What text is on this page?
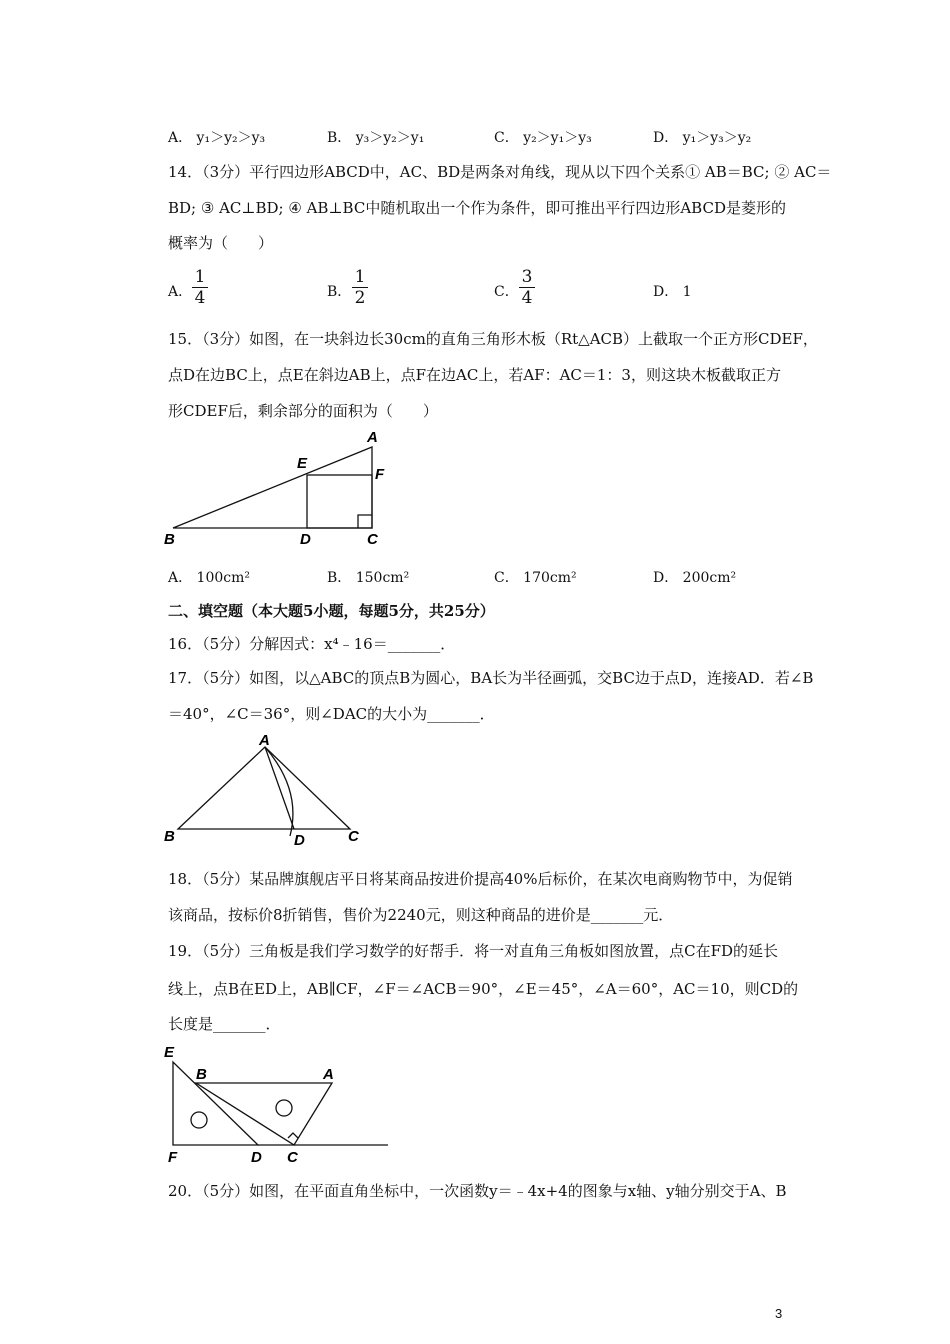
A． y₁＞y₂＞y₃	B． y₃＞y₂＞y₁	C． y₂＞y₁＞y₃	D． y₁＞y₃＞y₂
14．（3分）平行四边形ABCD中，AC、BD是两条对角线，现从以下四个关系① AB＝BC; ② AC＝
BD; ③ AC⊥BD; ④ AB⊥BC中随机取出一个作为条件，即可推出平行四边形ABCD是菱形的
概率为（　　）
A． $\frac{1}{4}$	B． $\frac{1}{2}$	C． $\frac{3}{4}$	D． 1
15．（3分）如图，在一块斜边长30cm的直角三角形木板（Rt△ACB）上截取一个正方形CDEF，
点D在边BC上，点E在斜边AB上，点F在边AC上，若AF：AC＝1：3，则这块木板截取正方
形CDEF后，剩余部分的面积为（　　）
A
E
F
B	D	C
A． 100cm²	B． 150cm²	C． 170cm²	D． 200cm²
二、填空题（本大题5小题，每题5分，共25分）
16．（5分）分解因式：x⁴﹣16＝_______．
17．（5分）如图，以△ABC的顶点B为圆心，BA长为半径画弧，交BC边于点D，连接AD．若∠B
＝40°，∠C＝36°，则∠DAC的大小为_______．
A
B	D	C
18．（5分）某品牌旗舰店平日将某商品按进价提高40%后标价，在某次电商购物节中，为促销
该商品，按标价8折销售，售价为2240元，则这种商品的进价是_______元．
19．（5分）三角板是我们学习数学的好帮手．将一对直角三角板如图放置，点C在FD的延长
线上，点B在ED上，AB∥CF，∠F＝∠ACB＝90°，∠E＝45°，∠A＝60°，AC＝10，则CD的
长度是_______．
E
B	A
F	D C
20．（5分）如图，在平面直角坐标中，一次函数y＝﹣4x+4的图象与x轴、y轴分别交于A、B
3
